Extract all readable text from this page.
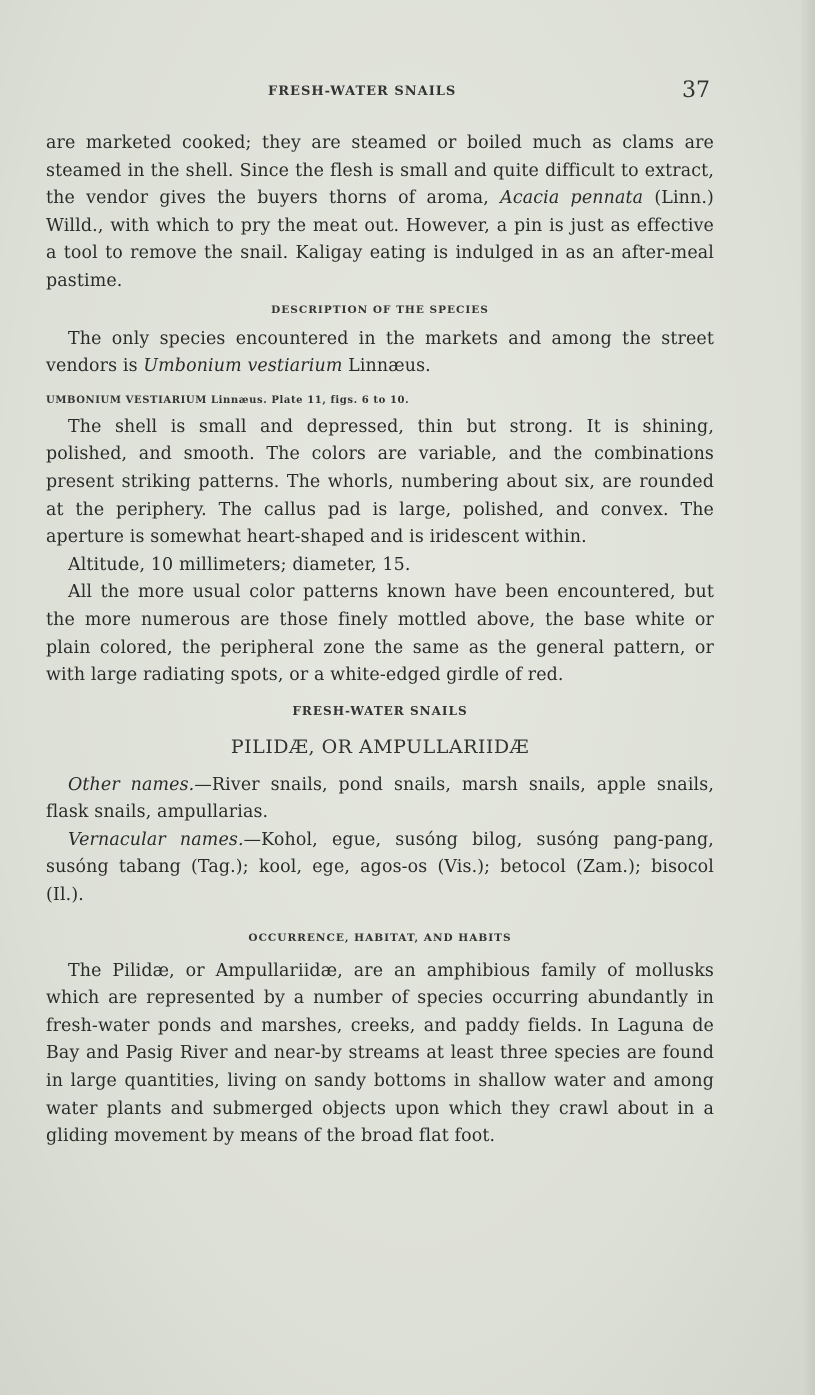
FRESH-WATER SNAILS	37

are marketed cooked; they are steamed or boiled much as clams are steamed in the shell. Since the flesh is small and quite difficult to extract, the vendor gives the buyers thorns of aroma, Acacia pennata (Linn.) Willd., with which to pry the meat out. However, a pin is just as effective a tool to remove the snail. Kaligay eating is indulged in as an after-meal pastime.

DESCRIPTION OF THE SPECIES

The only species encountered in the markets and among the street vendors is Umbonium vestiarium Linnæus.

UMBONIUM VESTIARIUM Linnæus. Plate 11, figs. 6 to 10.

The shell is small and depressed, thin but strong. It is shining, polished, and smooth. The colors are variable, and the combinations present striking patterns. The whorls, numbering about six, are rounded at the periphery. The callus pad is large, polished, and convex. The aperture is somewhat heart-shaped and is iridescent within.

Altitude, 10 millimeters; diameter, 15.

All the more usual color patterns known have been encountered, but the more numerous are those finely mottled above, the base white or plain colored, the peripheral zone the same as the general pattern, or with large radiating spots, or a white-edged girdle of red.

FRESH-WATER SNAILS
PILIDÆ, OR AMPULLARIIDÆ

Other names.—River snails, pond snails, marsh snails, apple snails, flask snails, ampullarias.

Vernacular names.—Kohol, egue, susóng bilog, susóng pang-pang, susóng tabang (Tag.); kool, ege, agos-os (Vis.); betocol (Zam.); bisocol (Il.).

OCCURRENCE, HABITAT, AND HABITS

The Pilidæ, or Ampullariidæ, are an amphibious family of mollusks which are represented by a number of species occurring abundantly in fresh-water ponds and marshes, creeks, and paddy fields. In Laguna de Bay and Pasig River and near-by streams at least three species are found in large quantities, living on sandy bottoms in shallow water and among water plants and submerged objects upon which they crawl about in a gliding movement by means of the broad flat foot.
